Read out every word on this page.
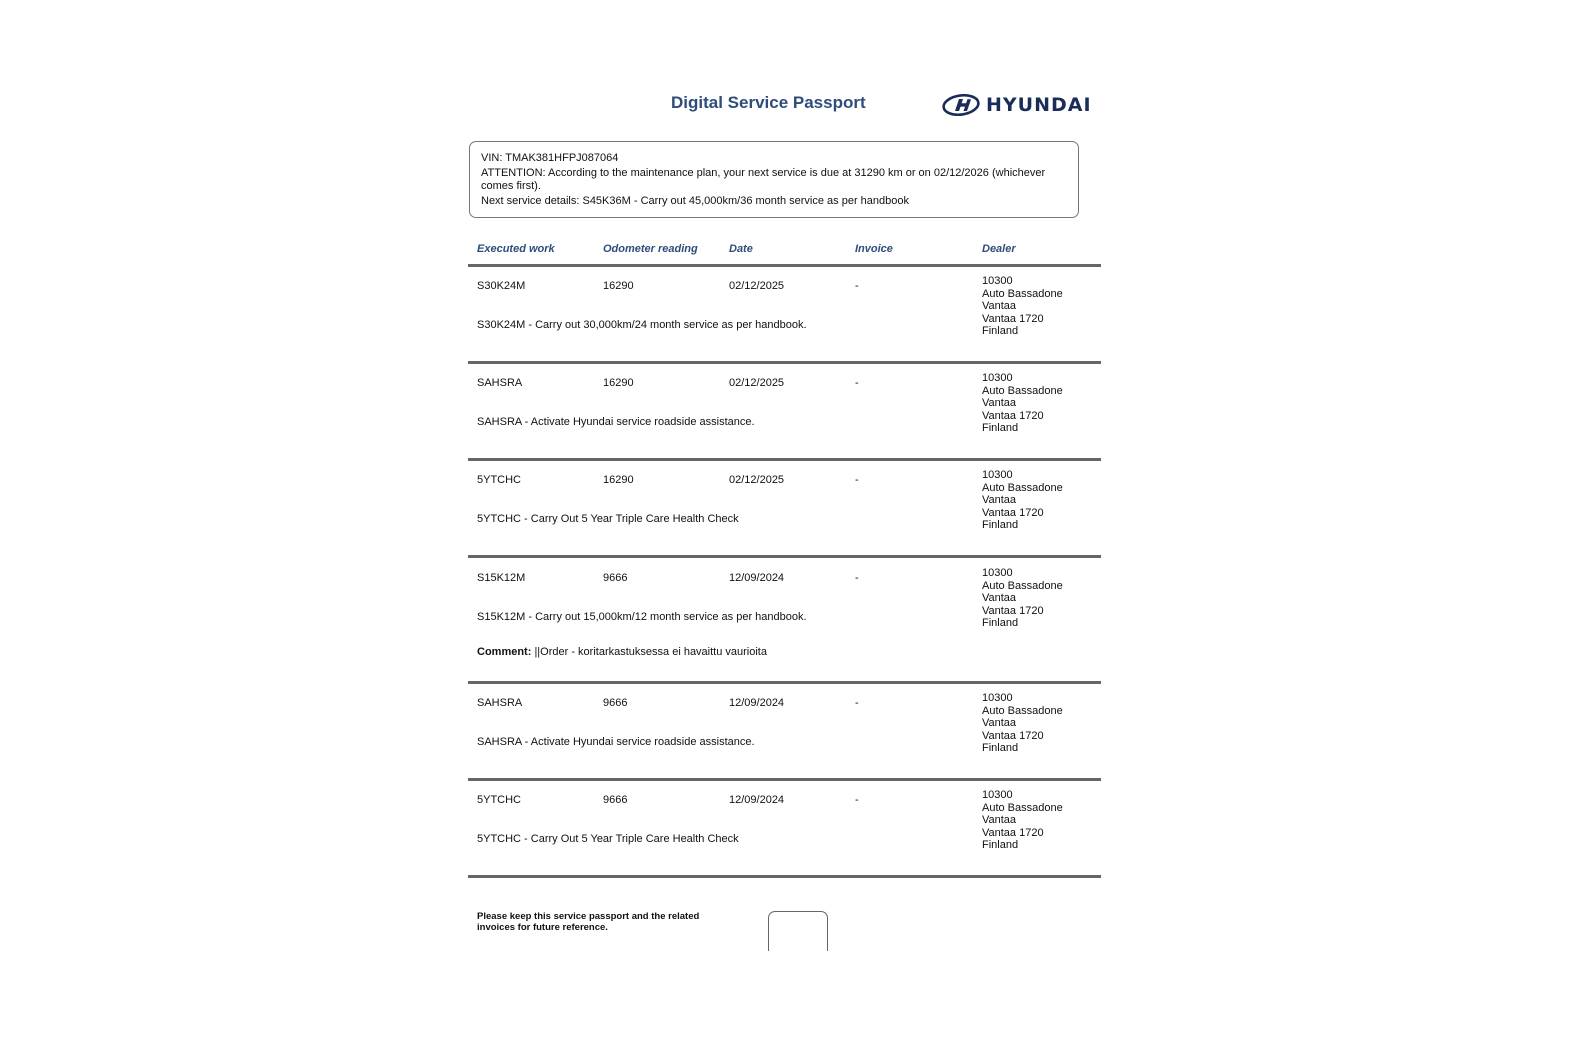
Digital Service Passport	HYUNDAI
VIN: TMAK381HFPJ087064
ATTENTION: According to the maintenance plan, your next service is due at 31290 km or on 02/12/2026 (whichever comes first).
Next service details: S45K36M - Carry out 45,000km/36 month service as per handbook
Executed work	Odometer reading	Date	Invoice	Dealer
S30K24M	16290	02/12/2025	-	10300
Auto Bassadone
Vantaa
Vantaa 1720
Finland
S30K24M - Carry out 30,000km/24 month service as per handbook.
SAHSRA	16290	02/12/2025	-	10300
Auto Bassadone
Vantaa
Vantaa 1720
Finland
SAHSRA - Activate Hyundai service roadside assistance.
5YTCHC	16290	02/12/2025	-	10300
Auto Bassadone
Vantaa
Vantaa 1720
Finland
5YTCHC - Carry Out 5 Year Triple Care Health Check
S15K12M	9666	12/09/2024	-	10300
Auto Bassadone
Vantaa
Vantaa 1720
Finland
S15K12M - Carry out 15,000km/12 month service as per handbook.
Comment: ||Order - koritarkastuksessa ei havaittu vaurioita
SAHSRA	9666	12/09/2024	-	10300
Auto Bassadone
Vantaa
Vantaa 1720
Finland
SAHSRA - Activate Hyundai service roadside assistance.
5YTCHC	9666	12/09/2024	-	10300
Auto Bassadone
Vantaa
Vantaa 1720
Finland
5YTCHC - Carry Out 5 Year Triple Care Health Check
Please keep this service passport and the related invoices for future reference.
